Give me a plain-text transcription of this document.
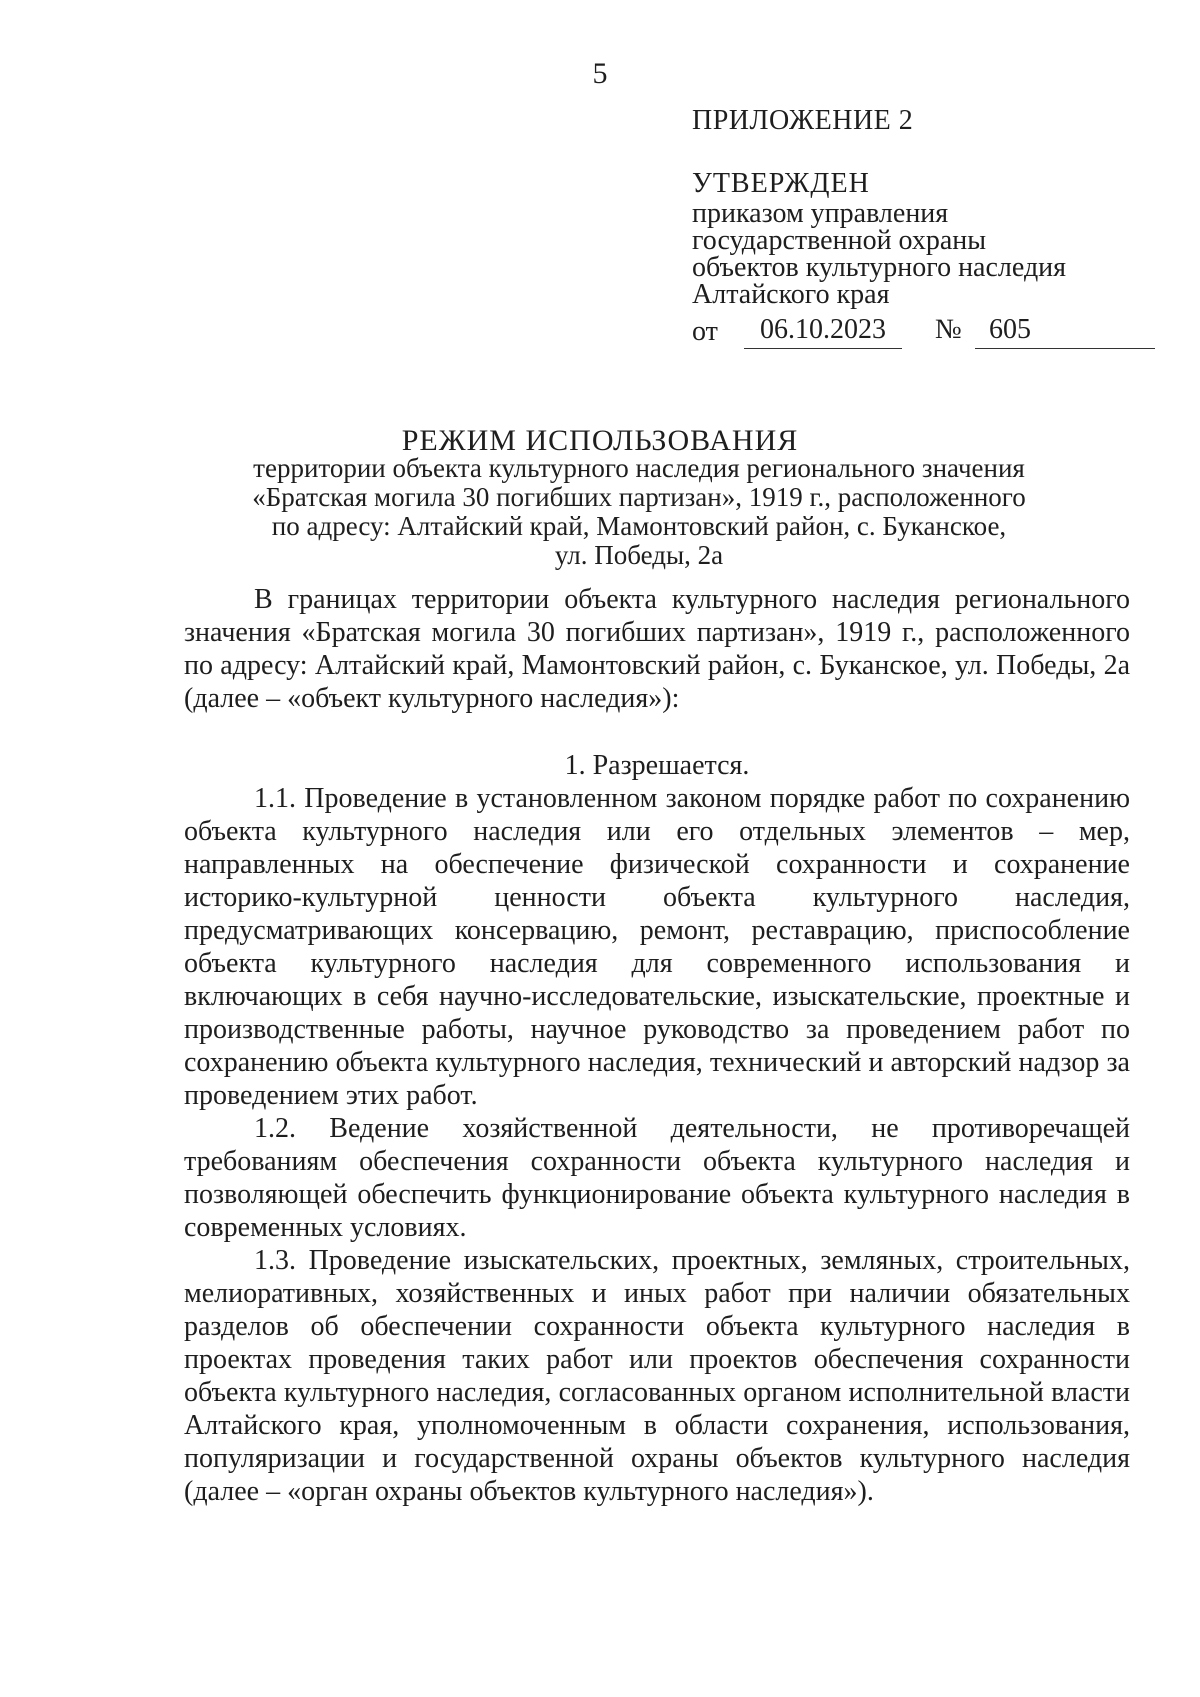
5
ПРИЛОЖЕНИЕ 2
УТВЕРЖДЕН
приказом управления
государственной охраны
объектов культурного наследия
Алтайского края
от	06.10.2023	№ 605
РЕЖИМ ИСПОЛЬЗОВАНИЯ
территории объекта культурного наследия регионального значения
«Братская могила 30 погибших партизан», 1919 г., расположенного
по адресу: Алтайский край, Мамонтовский район, с. Буканское,
ул. Победы, 2а

В границах территории объекта культурного наследия регионального значения «Братская могила 30 погибших партизан», 1919 г., расположенного по адресу: Алтайский край, Мамонтовский район, с. Буканское, ул. Победы, 2а (далее – «объект культурного наследия»):

1. Разрешается.

1.1. Проведение в установленном законом порядке работ по сохранению объекта культурного наследия или его отдельных элементов – мер, направленных на обеспечение физической сохранности и сохранение историко-культурной ценности объекта культурного наследия, предусматривающих консервацию, ремонт, реставрацию, приспособление объекта культурного наследия для современного использования и включающих в себя научно-исследовательские, изыскательские, проектные и производственные работы, научное руководство за проведением работ по сохранению объекта культурного наследия, технический и авторский надзор за проведением этих работ.

1.2. Ведение хозяйственной деятельности, не противоречащей требованиям обеспечения сохранности объекта культурного наследия и позволяющей обеспечить функционирование объекта культурного наследия в современных условиях.

1.3. Проведение изыскательских, проектных, земляных, строительных, мелиоративных, хозяйственных и иных работ при наличии обязательных разделов об обеспечении сохранности объекта культурного наследия в проектах проведения таких работ или проектов обеспечения сохранности объекта культурного наследия, согласованных органом исполнительной власти Алтайского края, уполномоченным в области сохранения, использования, популяризации и государственной охраны объектов культурного наследия (далее – «орган охраны объектов культурного наследия»).
